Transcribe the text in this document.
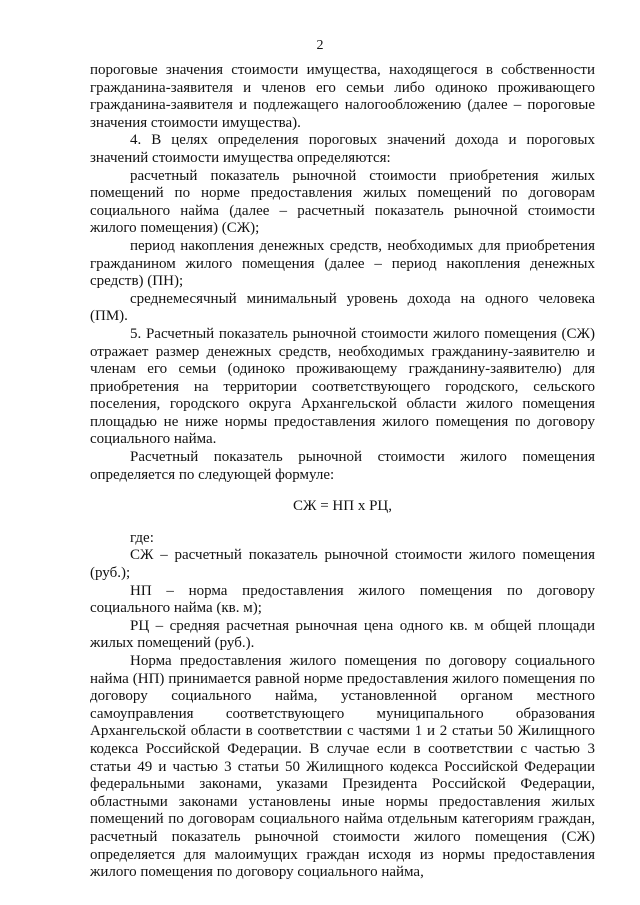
2

пороговые значения стоимости имущества, находящегося в собственности гражданина-заявителя и членов его семьи либо одиноко проживающего гражданина-заявителя и подлежащего налогообложению (далее – пороговые значения стоимости имущества).

4. В целях определения пороговых значений дохода и пороговых значений стоимости имущества определяются:

расчетный показатель рыночной стоимости приобретения жилых помещений по норме предоставления жилых помещений по договорам социального найма (далее – расчетный показатель рыночной стоимости жилого помещения) (СЖ);

период накопления денежных средств, необходимых для приобретения гражданином жилого помещения (далее – период накопления денежных средств) (ПН);

среднемесячный минимальный уровень дохода на одного человека (ПМ).

5. Расчетный показатель рыночной стоимости жилого помещения (СЖ) отражает размер денежных средств, необходимых гражданину-заявителю и членам его семьи (одиноко проживающему гражданину-заявителю) для приобретения на территории соответствующего городского, сельского поселения, городского округа Архангельской области жилого помещения площадью не ниже нормы предоставления жилого помещения по договору социального найма.

Расчетный показатель рыночной стоимости жилого помещения определяется по следующей формуле:

СЖ = НП x РЦ,

где:

СЖ – расчетный показатель рыночной стоимости жилого помещения (руб.);

НП – норма предоставления жилого помещения по договору социального найма (кв. м);

РЦ – средняя расчетная рыночная цена одного кв. м общей площади жилых помещений (руб.).

Норма предоставления жилого помещения по договору социального найма (НП) принимается равной норме предоставления жилого помещения по договору социального найма, установленной органом местного самоуправления соответствующего муниципального образования Архангельской области в соответствии с частями 1 и 2 статьи 50 Жилищного кодекса Российской Федерации. В случае если в соответствии с частью 3 статьи 49 и частью 3 статьи 50 Жилищного кодекса Российской Федерации федеральными законами, указами Президента Российской Федерации, областными законами установлены иные нормы предоставления жилых помещений по договорам социального найма отдельным категориям граждан, расчетный показатель рыночной стоимости жилого помещения (СЖ) определяется для малоимущих граждан исходя из нормы предоставления жилого помещения по договору социального найма,
